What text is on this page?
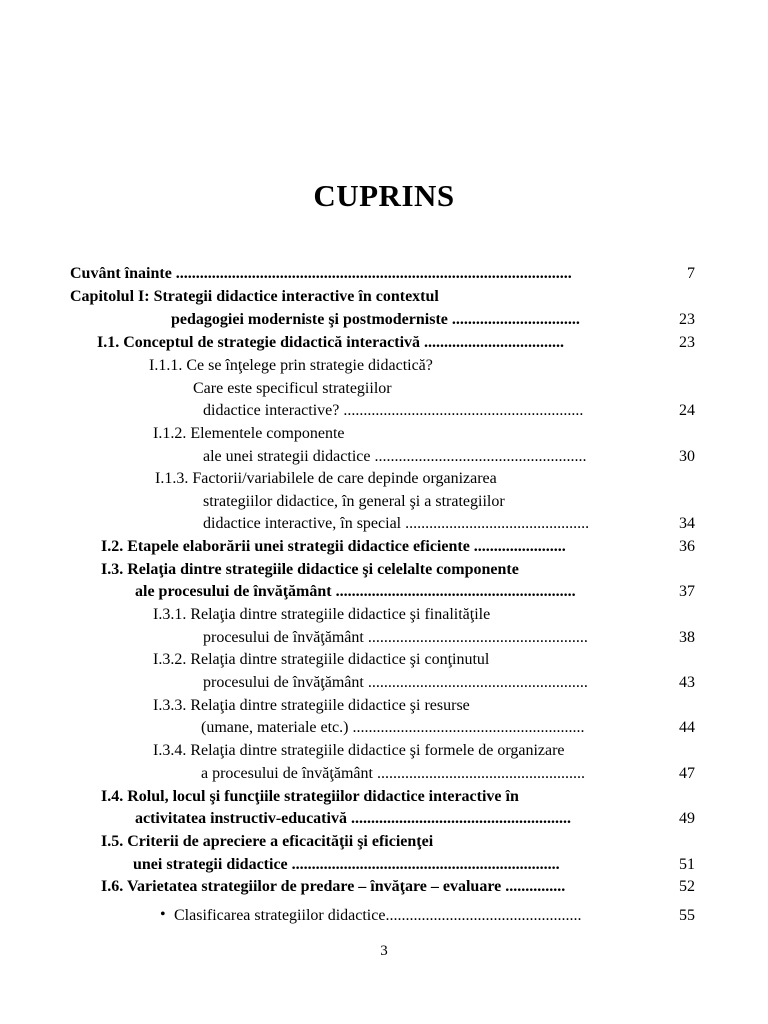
CUPRINS
Cuvânt înainte ...................................................................................................	7
Capitolul I: Strategii didactice interactive în contextul
pedagogiei moderniste şi postmoderniste ................................	23
I.1. Conceptul de strategie didactică interactivă ...................................	23
I.1.1. Ce se înţelege prin strategie didactică?
Care este specificul strategiilor
didactice interactive? ............................................................	24
I.1.2. Elementele componente
ale unei strategii didactice .....................................................	30
I.1.3. Factorii/variabilele de care depinde organizarea
strategiilor didactice, în general şi a strategiilor
didactice interactive, în special ..............................................	34
I.2. Etapele elaborării unei strategii didactice eficiente .......................	36
I.3. Relaţia dintre strategiile didactice şi celelalte componente
ale procesului de învăţământ ............................................................	37
I.3.1. Relaţia dintre strategiile didactice şi finalităţile
procesului de învăţământ .......................................................	38
I.3.2. Relaţia dintre strategiile didactice şi conţinutul
procesului de învăţământ .......................................................	43
I.3.3. Relaţia dintre strategiile didactice şi resurse
(umane, materiale etc.) ..........................................................	44
I.3.4. Relaţia dintre strategiile didactice şi formele de organizare
a procesului de învăţământ ....................................................	47
I.4. Rolul, locul şi funcţiile strategiilor didactice interactive în
activitatea instructiv-educativă .......................................................	49
I.5. Criterii de apreciere a eficacităţii şi eficienţei
unei strategii didactice ...................................................................	51
I.6. Varietatea strategiilor de predare – învăţare – evaluare ...............	52
• Clasificarea strategiilor didactice.................................................	55
3
